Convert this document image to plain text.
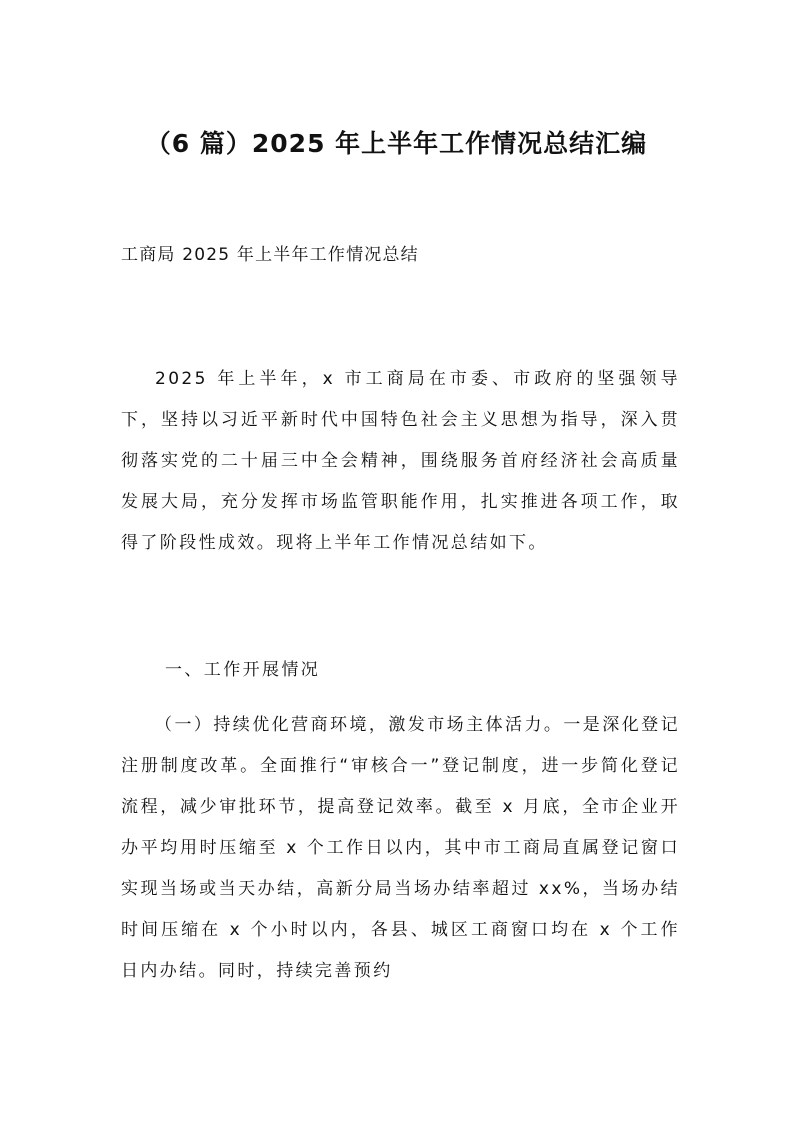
（6 篇）2025 年上半年工作情况总结汇编

工商局 2025 年上半年工作情况总结

2025 年上半年，x 市工商局在市委、市政府的坚强领导下，坚持以习近平新时代中国特色社会主义思想为指导，深入贯彻落实党的二十届三中全会精神，围绕服务首府经济社会高质量发展大局，充分发挥市场监管职能作用，扎实推进各项工作，取得了阶段性成效。现将上半年工作情况总结如下。

一、工作开展情况

（一）持续优化营商环境，激发市场主体活力。一是深化登记注册制度改革。全面推行“审核合一”登记制度，进一步简化登记流程，减少审批环节，提高登记效率。截至 x 月底，全市企业开办平均用时压缩至 x 个工作日以内，其中市工商局直属登记窗口实现当场或当天办结，高新分局当场办结率超过 xx%，当场办结时间压缩在 x 个小时以内，各县、城区工商窗口均在 x 个工作日内办结。同时，持续完善预约
